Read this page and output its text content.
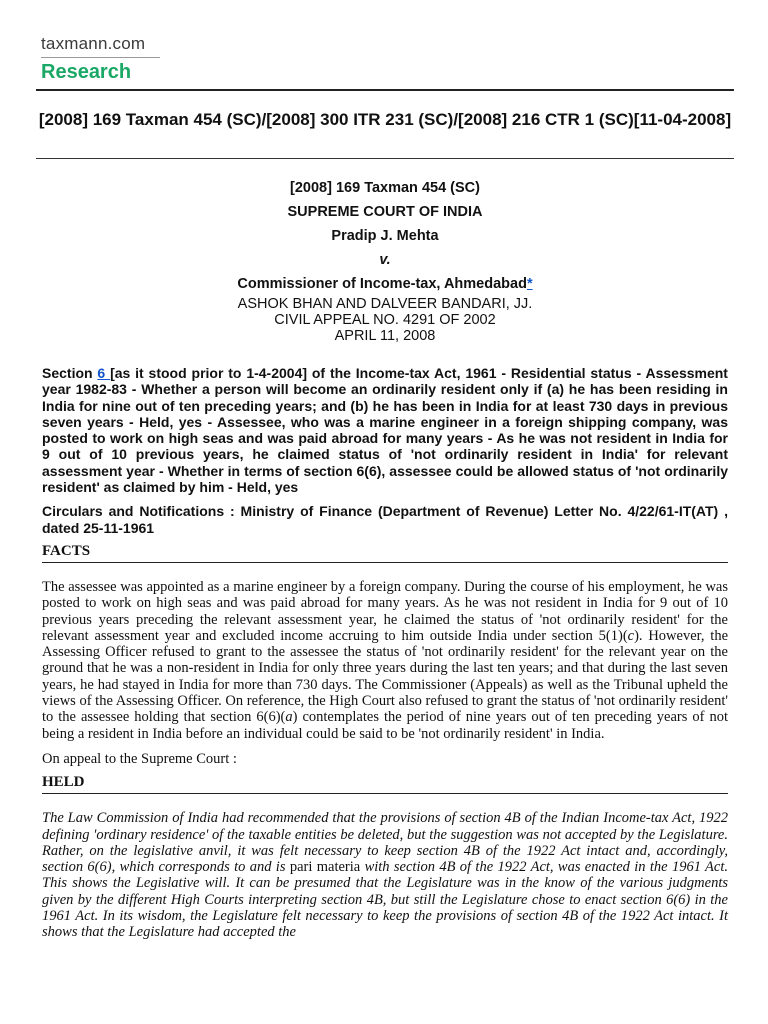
taxmann.com
Research
[2008] 169 Taxman 454 (SC)/[2008] 300 ITR 231 (SC)/[2008] 216 CTR 1 (SC)[11-04-2008]
[2008] 169 Taxman 454 (SC)
SUPREME COURT OF INDIA
Pradip J. Mehta
v.
Commissioner of Income-tax, Ahmedabad*
ASHOK BHAN AND DALVEER BANDARI, JJ.
CIVIL APPEAL NO. 4291 OF 2002
APRIL 11, 2008

Section 6 [as it stood prior to 1-4-2004] of the Income-tax Act, 1961 - Residential status - Assessment year 1982-83 - Whether a person will become an ordinarily resident only if (a) he has been residing in India for nine out of ten preceding years; and (b) he has been in India for at least 730 days in previous seven years - Held, yes - Assessee, who was a marine engineer in a foreign shipping company, was posted to work on high seas and was paid abroad for many years - As he was not resident in India for 9 out of 10 previous years, he claimed status of 'not ordinarily resident in India' for relevant assessment year - Whether in terms of section 6(6), assessee could be allowed status of 'not ordinarily resident' as claimed by him - Held, yes

Circulars and Notifications : Ministry of Finance (Department of Revenue) Letter No. 4/22/61-IT(AT) , dated 25-11-1961

FACTS

The assessee was appointed as a marine engineer by a foreign company. During the course of his employment, he was posted to work on high seas and was paid abroad for many years. As he was not resident in India for 9 out of 10 previous years preceding the relevant assessment year, he claimed the status of 'not ordinarily resident' for the relevant assessment year and excluded income accruing to him outside India under section 5(1)(c). However, the Assessing Officer refused to grant to the assessee the status of 'not ordinarily resident' for the relevant year on the ground that he was a non-resident in India for only three years during the last ten years; and that during the last seven years, he had stayed in India for more than 730 days. The Commissioner (Appeals) as well as the Tribunal upheld the views of the Assessing Officer. On reference, the High Court also refused to grant the status of 'not ordinarily resident' to the assessee holding that section 6(6)(a) contemplates the period of nine years out of ten preceding years of not being a resident in India before an individual could be said to be 'not ordinarily resident' in India.

On appeal to the Supreme Court :

HELD

The Law Commission of India had recommended that the provisions of section 4B of the Indian Income-tax Act, 1922 defining 'ordinary residence' of the taxable entities be deleted, but the suggestion was not accepted by the Legislature. Rather, on the legislative anvil, it was felt necessary to keep section 4B of the 1922 Act intact and, accordingly, section 6(6), which corresponds to and is pari materia with section 4B of the 1922 Act, was enacted in the 1961 Act. This shows the Legislative will. It can be presumed that the Legislature was in the know of the various judgments given by the different High Courts interpreting section 4B, but still the Legislature chose to enact section 6(6) in the 1961 Act. In its wisdom, the Legislature felt necessary to keep the provisions of section 4B of the 1922 Act intact. It shows that the Legislature had accepted the
